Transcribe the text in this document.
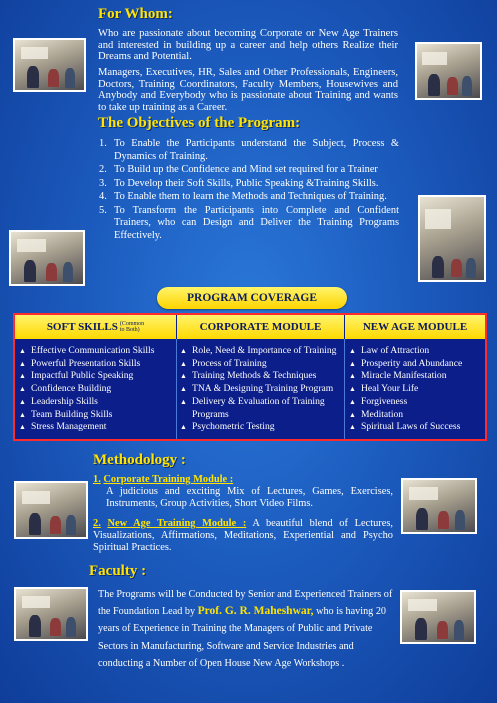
For Whom:
Who are passionate about becoming Corporate or New Age Trainers and interested in building up a career and help others Realize their Dreams and Potential.
Managers, Executives, HR, Sales and Other Professionals, Engineers, Doctors, Training Coordinators, Faculty Members, Housewives and Anybody and Everybody who is passionate about Training and wants to take up training as a Career.
The Objectives of the Program:
1. To Enable the Participants understand the Subject, Process & Dynamics of Training.
2. To Build up the Confidence and Mind set required for a Trainer
3. To Develop their Soft Skills, Public Speaking &Training Skills.
4. To Enable them to learn the Methods and Techniques of Training.
5. To Transform the Participants into Complete and Confident Trainers, who can Design and Deliver the Training Programs Effectively.
PROGRAM COVERAGE
SOFT SKILLS (Common
to Both)	CORPORATE MODULE	NEW AGE MODULE
▲ Effective Communication Skills
▲ Powerful Presentation Skills
▲ Impactful Public Speaking
▲ Confidence Building
▲ Leadership Skills
▲ Team Building Skills
▲ Stress Management
▲ Role, Need & Importance of Training
▲ Process of Training
▲ Training Methods & Techniques
▲ TNA & Designing Training Program
▲ Delivery & Evaluation of Training Programs
▲ Psychometric Testing
▲ Law of Attraction
▲ Prosperity and Abundance
▲ Miracle Manifestation
▲ Heal Your Life
▲ Forgiveness
▲ Meditation
▲ Spiritual Laws of Success
Methodology :
1. Corporate Training Module :
A judicious and exciting Mix of Lectures, Games, Exercises, Instruments, Group Activities, Short Video Films.
2. New Age Training Module : A beautiful blend of Lectures, Visualizations, Affirmations, Meditations, Experiential and Psycho Spiritual Practices.
Faculty :
The Programs will be Conducted by Senior and Experienced Trainers of the Foundation Lead by Prof. G. R. Maheshwar, who is having 20 years of Experience in Training the Managers of Public and Private Sectors in Manufacturing, Software and Service Industries and conducting a Number of Open House New Age Workshops .
